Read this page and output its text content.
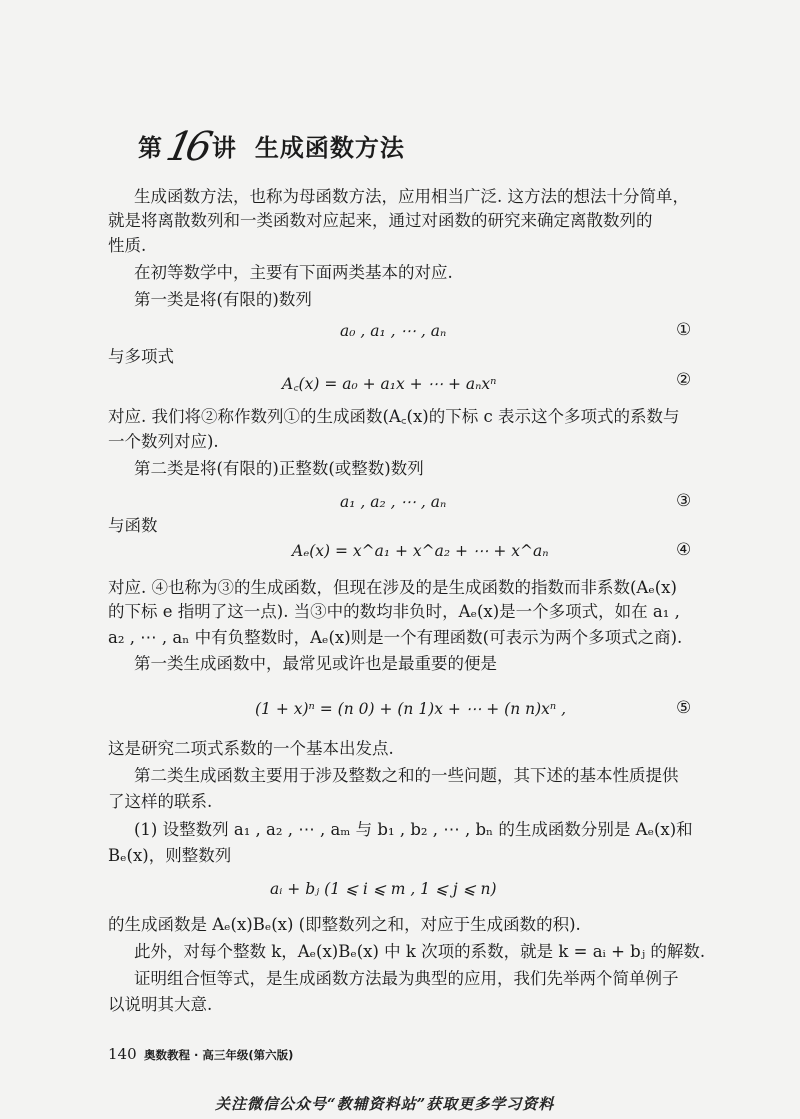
第16讲 生成函数方法
生成函数方法，也称为母函数方法，应用相当广泛. 这方法的想法十分简单，
就是将离散数列和一类函数对应起来，通过对函数的研究来确定离散数列的
性质.
在初等数学中，主要有下面两类基本的对应.
第一类是将(有限的)数列
a₀ , a₁ , ⋯ , aₙ	①
与多项式
A꜀(x) = a₀ + a₁x + ⋯ + aₙxⁿ	②
对应. 我们将②称作数列①的生成函数(A꜀(x)的下标 c 表示这个多项式的系数与
一个数列对应).
第二类是将(有限的)正整数(或整数)数列
a₁ , a₂ , ⋯ , aₙ	③
与函数
Aₑ(x) = x^a₁ + x^a₂ + ⋯ + x^aₙ	④
对应. ④也称为③的生成函数，但现在涉及的是生成函数的指数而非系数(Aₑ(x)
的下标 e 指明了这一点). 当③中的数均非负时，Aₑ(x)是一个多项式，如在 a₁ ,
a₂ , ⋯ , aₙ 中有负整数时，Aₑ(x)则是一个有理函数(可表示为两个多项式之商).
第一类生成函数中，最常见或许也是最重要的便是
(1 + x)ⁿ = (n 0) + (n 1)x + ⋯ + (n n)xⁿ ,	⑤
这是研究二项式系数的一个基本出发点.
第二类生成函数主要用于涉及整数之和的一些问题，其下述的基本性质提供
了这样的联系.
(1) 设整数列 a₁ , a₂ , ⋯ , aₘ 与 b₁ , b₂ , ⋯ , bₙ 的生成函数分别是 Aₑ(x)和
Bₑ(x)，则整数列
aᵢ + bⱼ (1 ⩽ i ⩽ m , 1 ⩽ j ⩽ n)
的生成函数是 Aₑ(x)Bₑ(x) (即整数列之和，对应于生成函数的积).
此外，对每个整数 k，Aₑ(x)Bₑ(x) 中 k 次项的系数，就是 k = aᵢ + bⱼ 的解数.
证明组合恒等式，是生成函数方法最为典型的应用，我们先举两个简单例子
以说明其大意.
140 奥数教程 · 高三年级(第六版)
关注微信公众号“教辅资料站”获取更多学习资料
